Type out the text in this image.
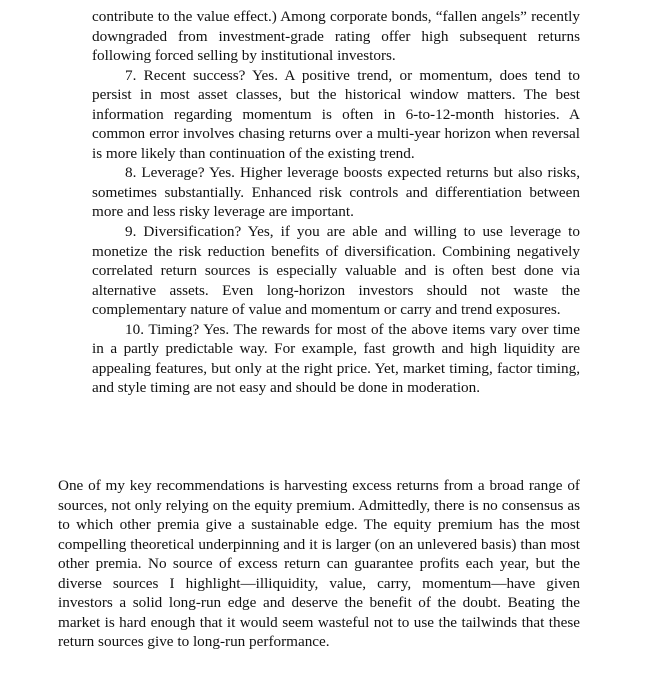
contribute to the value effect.) Among corporate bonds, “fallen angels” recently downgraded from investment-grade rating offer high subsequent returns following forced selling by institutional investors.

7. Recent success? Yes. A positive trend, or momentum, does tend to persist in most asset classes, but the historical window matters. The best information regarding momentum is often in 6-to-12-month histories. A common error involves chasing returns over a multi-year horizon when reversal is more likely than continuation of the existing trend.

8. Leverage? Yes. Higher leverage boosts expected returns but also risks, sometimes substantially. Enhanced risk controls and differentiation between more and less risky leverage are important.

9. Diversification? Yes, if you are able and willing to use leverage to monetize the risk reduction benefits of diversification. Combining negatively correlated return sources is especially valuable and is often best done via alternative assets. Even long-horizon investors should not waste the complementary nature of value and momentum or carry and trend exposures.

10. Timing? Yes. The rewards for most of the above items vary over time in a partly predictable way. For example, fast growth and high liquidity are appealing features, but only at the right price. Yet, market timing, factor timing, and style timing are not easy and should be done in moderation.

One of my key recommendations is harvesting excess returns from a broad range of sources, not only relying on the equity premium. Admittedly, there is no consensus as to which other premia give a sustainable edge. The equity premium has the most compelling theoretical underpinning and it is larger (on an unlevered basis) than most other premia. No source of excess return can guarantee profits each year, but the diverse sources I highlight—illiquidity, value, carry, momentum—have given investors a solid long-run edge and deserve the benefit of the doubt. Beating the market is hard enough that it would seem wasteful not to use the tailwinds that these return sources give to long-run performance.
